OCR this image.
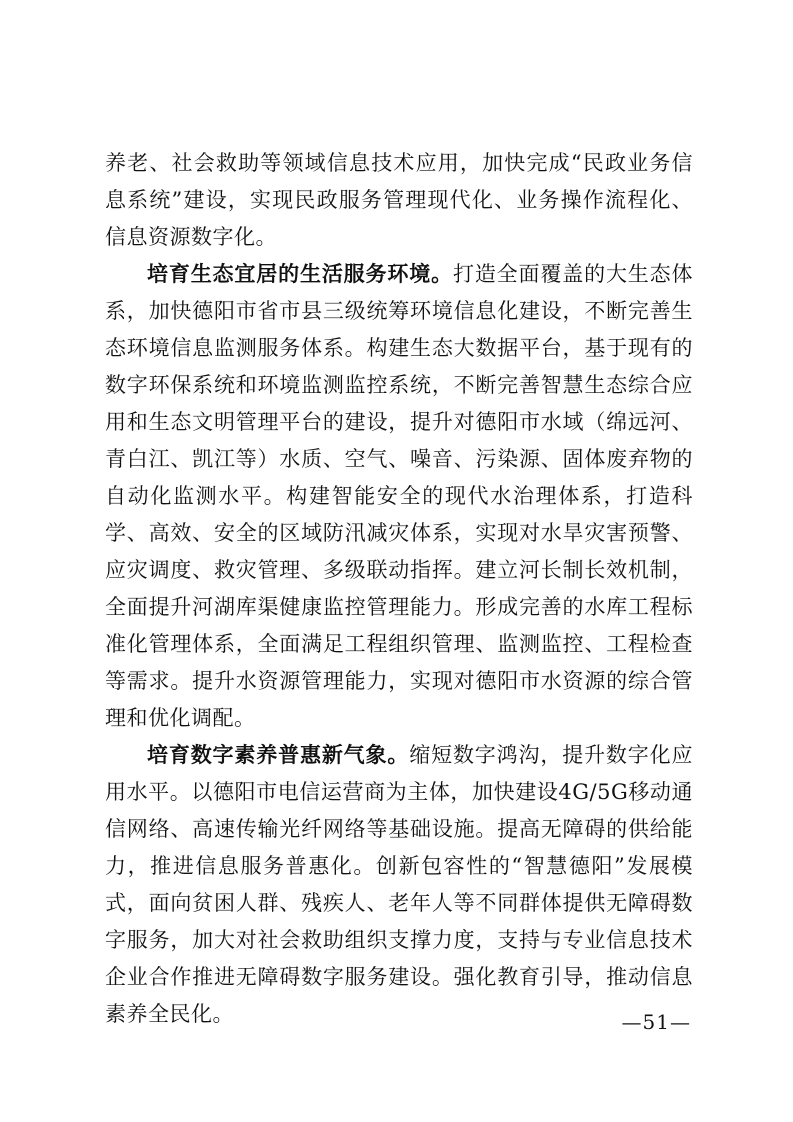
养老、社会救助等领域信息技术应用，加快完成“民政业务信息系统”建设，实现民政服务管理现代化、业务操作流程化、信息资源数字化。

培育生态宜居的生活服务环境。打造全面覆盖的大生态体系，加快德阳市省市县三级统筹环境信息化建设，不断完善生态环境信息监测服务体系。构建生态大数据平台，基于现有的数字环保系统和环境监测监控系统，不断完善智慧生态综合应用和生态文明管理平台的建设，提升对德阳市水域（绵远河、青白江、凯江等）水质、空气、噪音、污染源、固体废弃物的自动化监测水平。构建智能安全的现代水治理体系，打造科学、高效、安全的区域防汛减灾体系，实现对水旱灾害预警、应灾调度、救灾管理、多级联动指挥。建立河长制长效机制，全面提升河湖库渠健康监控管理能力。形成完善的水库工程标准化管理体系，全面满足工程组织管理、监测监控、工程检查等需求。提升水资源管理能力，实现对德阳市水资源的综合管理和优化调配。

培育数字素养普惠新气象。缩短数字鸿沟，提升数字化应用水平。以德阳市电信运营商为主体，加快建设4G/5G移动通信网络、高速传输光纤网络等基础设施。提高无障碍的供给能力，推进信息服务普惠化。创新包容性的“智慧德阳”发展模式，面向贫困人群、残疾人、老年人等不同群体提供无障碍数字服务，加大对社会救助组织支撑力度，支持与专业信息技术企业合作推进无障碍数字服务建设。强化教育引导，推动信息素养全民化。	—51—
